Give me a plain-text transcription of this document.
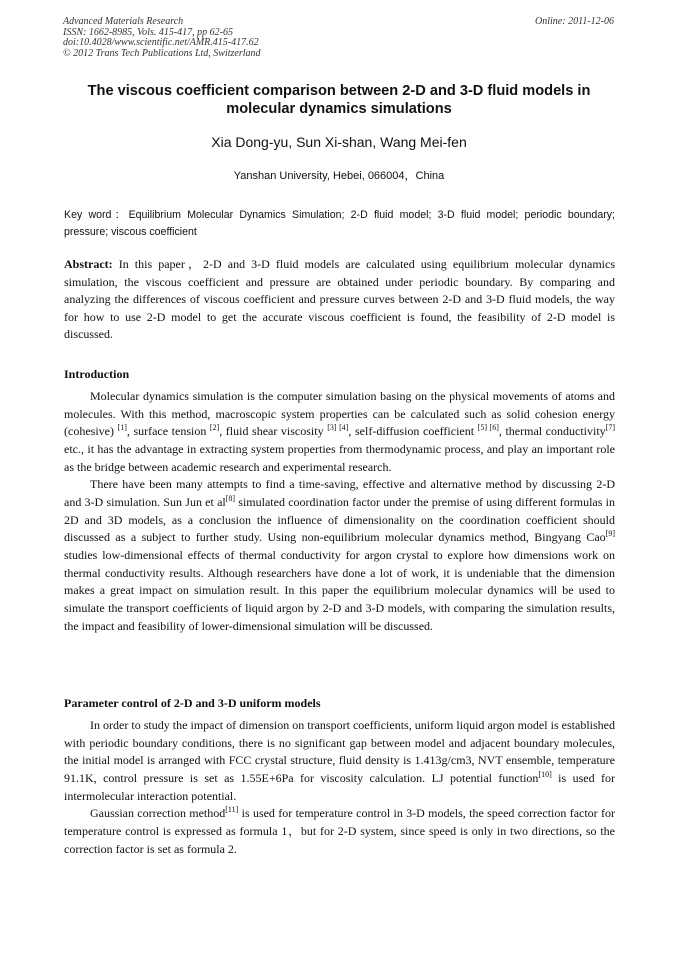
Advanced Materials Research
ISSN: 1662-8985, Vols. 415-417, pp 62-65
doi:10.4028/www.scientific.net/AMR.415-417.62
© 2012 Trans Tech Publications Ltd, Switzerland
Online: 2011-12-06
The viscous coefficient comparison between 2-D and 3-D fluid models in molecular dynamics simulations
Xia Dong-yu, Sun Xi-shan, Wang Mei-fen
Yanshan University, Hebei, 066004，China
Key word：Equilibrium Molecular Dynamics Simulation; 2-D fluid model; 3-D fluid model; periodic boundary; pressure; viscous coefficient
Abstract: In this paper，2-D and 3-D fluid models are calculated using equilibrium molecular dynamics simulation, the viscous coefficient and pressure are obtained under periodic boundary. By comparing and analyzing the differences of viscous coefficient and pressure curves between 2-D and 3-D fluid models, the way for how to use 2-D model to get the accurate viscous coefficient is found, the feasibility of 2-D model is discussed.
Introduction

Molecular dynamics simulation is the computer simulation basing on the physical movements of atoms and molecules. With this method, macroscopic system properties can be calculated such as solid cohesion energy (cohesive) [1], surface tension [2], fluid shear viscosity [3] [4], self-diffusion coefficient [5] [6], thermal conductivity[7] etc., it has the advantage in extracting system properties from thermodynamic process, and play an important role as the bridge between academic research and experimental research.

There have been many attempts to find a time-saving, effective and alternative method by discussing 2-D and 3-D simulation. Sun Jun et al[8] simulated coordination factor under the premise of using different formulas in 2D and 3D models, as a conclusion the influence of dimensionality on the coordination coefficient should discussed as a subject to further study. Using non-equilibrium molecular dynamics method, Bingyang Cao[9] studies low-dimensional effects of thermal conductivity for argon crystal to explore how dimensions work on thermal conductivity results. Although researchers have done a lot of work, it is undeniable that the dimension makes a great impact on simulation result. In this paper the equilibrium molecular dynamics will be used to simulate the transport coefficients of liquid argon by 2-D and 3-D models, with comparing the simulation results, the impact and feasibility of lower-dimensional simulation will be discussed.

Parameter control of 2-D and 3-D uniform models

In order to study the impact of dimension on transport coefficients, uniform liquid argon model is established with periodic boundary conditions, there is no significant gap between model and adjacent boundary molecules, the initial model is arranged with FCC crystal structure, fluid density is 1.413g/cm3, NVT ensemble, temperature 91.1K, control pressure is set as 1.55E+6Pa for viscosity calculation. LJ potential function[10] is used for intermolecular interaction potential.

Gaussian correction method[11] is used for temperature control in 3-D models, the speed correction factor for temperature control is expressed as formula 1，but for 2-D system, since speed is only in two directions, so the correction factor is set as formula 2.
